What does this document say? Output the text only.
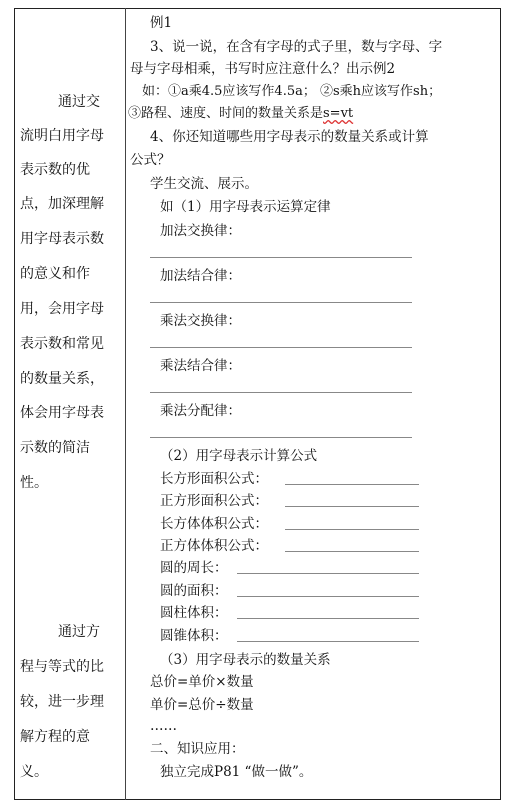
通过交
流明白用字母
表示数的优
点，加深理解
用字母表示数
的意义和作
用，会用字母
表示数和常见
的数量关系，
体会用字母表
示数的简洁
性。
通过方
程与等式的比
较，进一步理
解方程的意
义。
例1
3、说一说，在含有字母的式子里，数与字母、字
母与字母相乘，书写时应注意什么？出示例2
如：①a乘4.5应该写作4.5a； ②s乘h应该写作sh；
③路程、速度、时间的数量关系是s=vt
4、你还知道哪些用字母表示的数量关系或计算
公式？
学生交流、展示。
如（1）用字母表示运算定律
加法交换律：
加法结合律：
乘法交换律：
乘法结合律：
乘法分配律：
（2）用字母表示计算公式
长方形面积公式：
正方形面积公式：
长方体体积公式：
正方体体积公式：
圆的周长：
圆的面积：
圆柱体积：
圆锥体积：
（3）用字母表示的数量关系
总价=单价×数量
单价=总价÷数量
……
二、知识应用：
独立完成P81 “做一做”。
